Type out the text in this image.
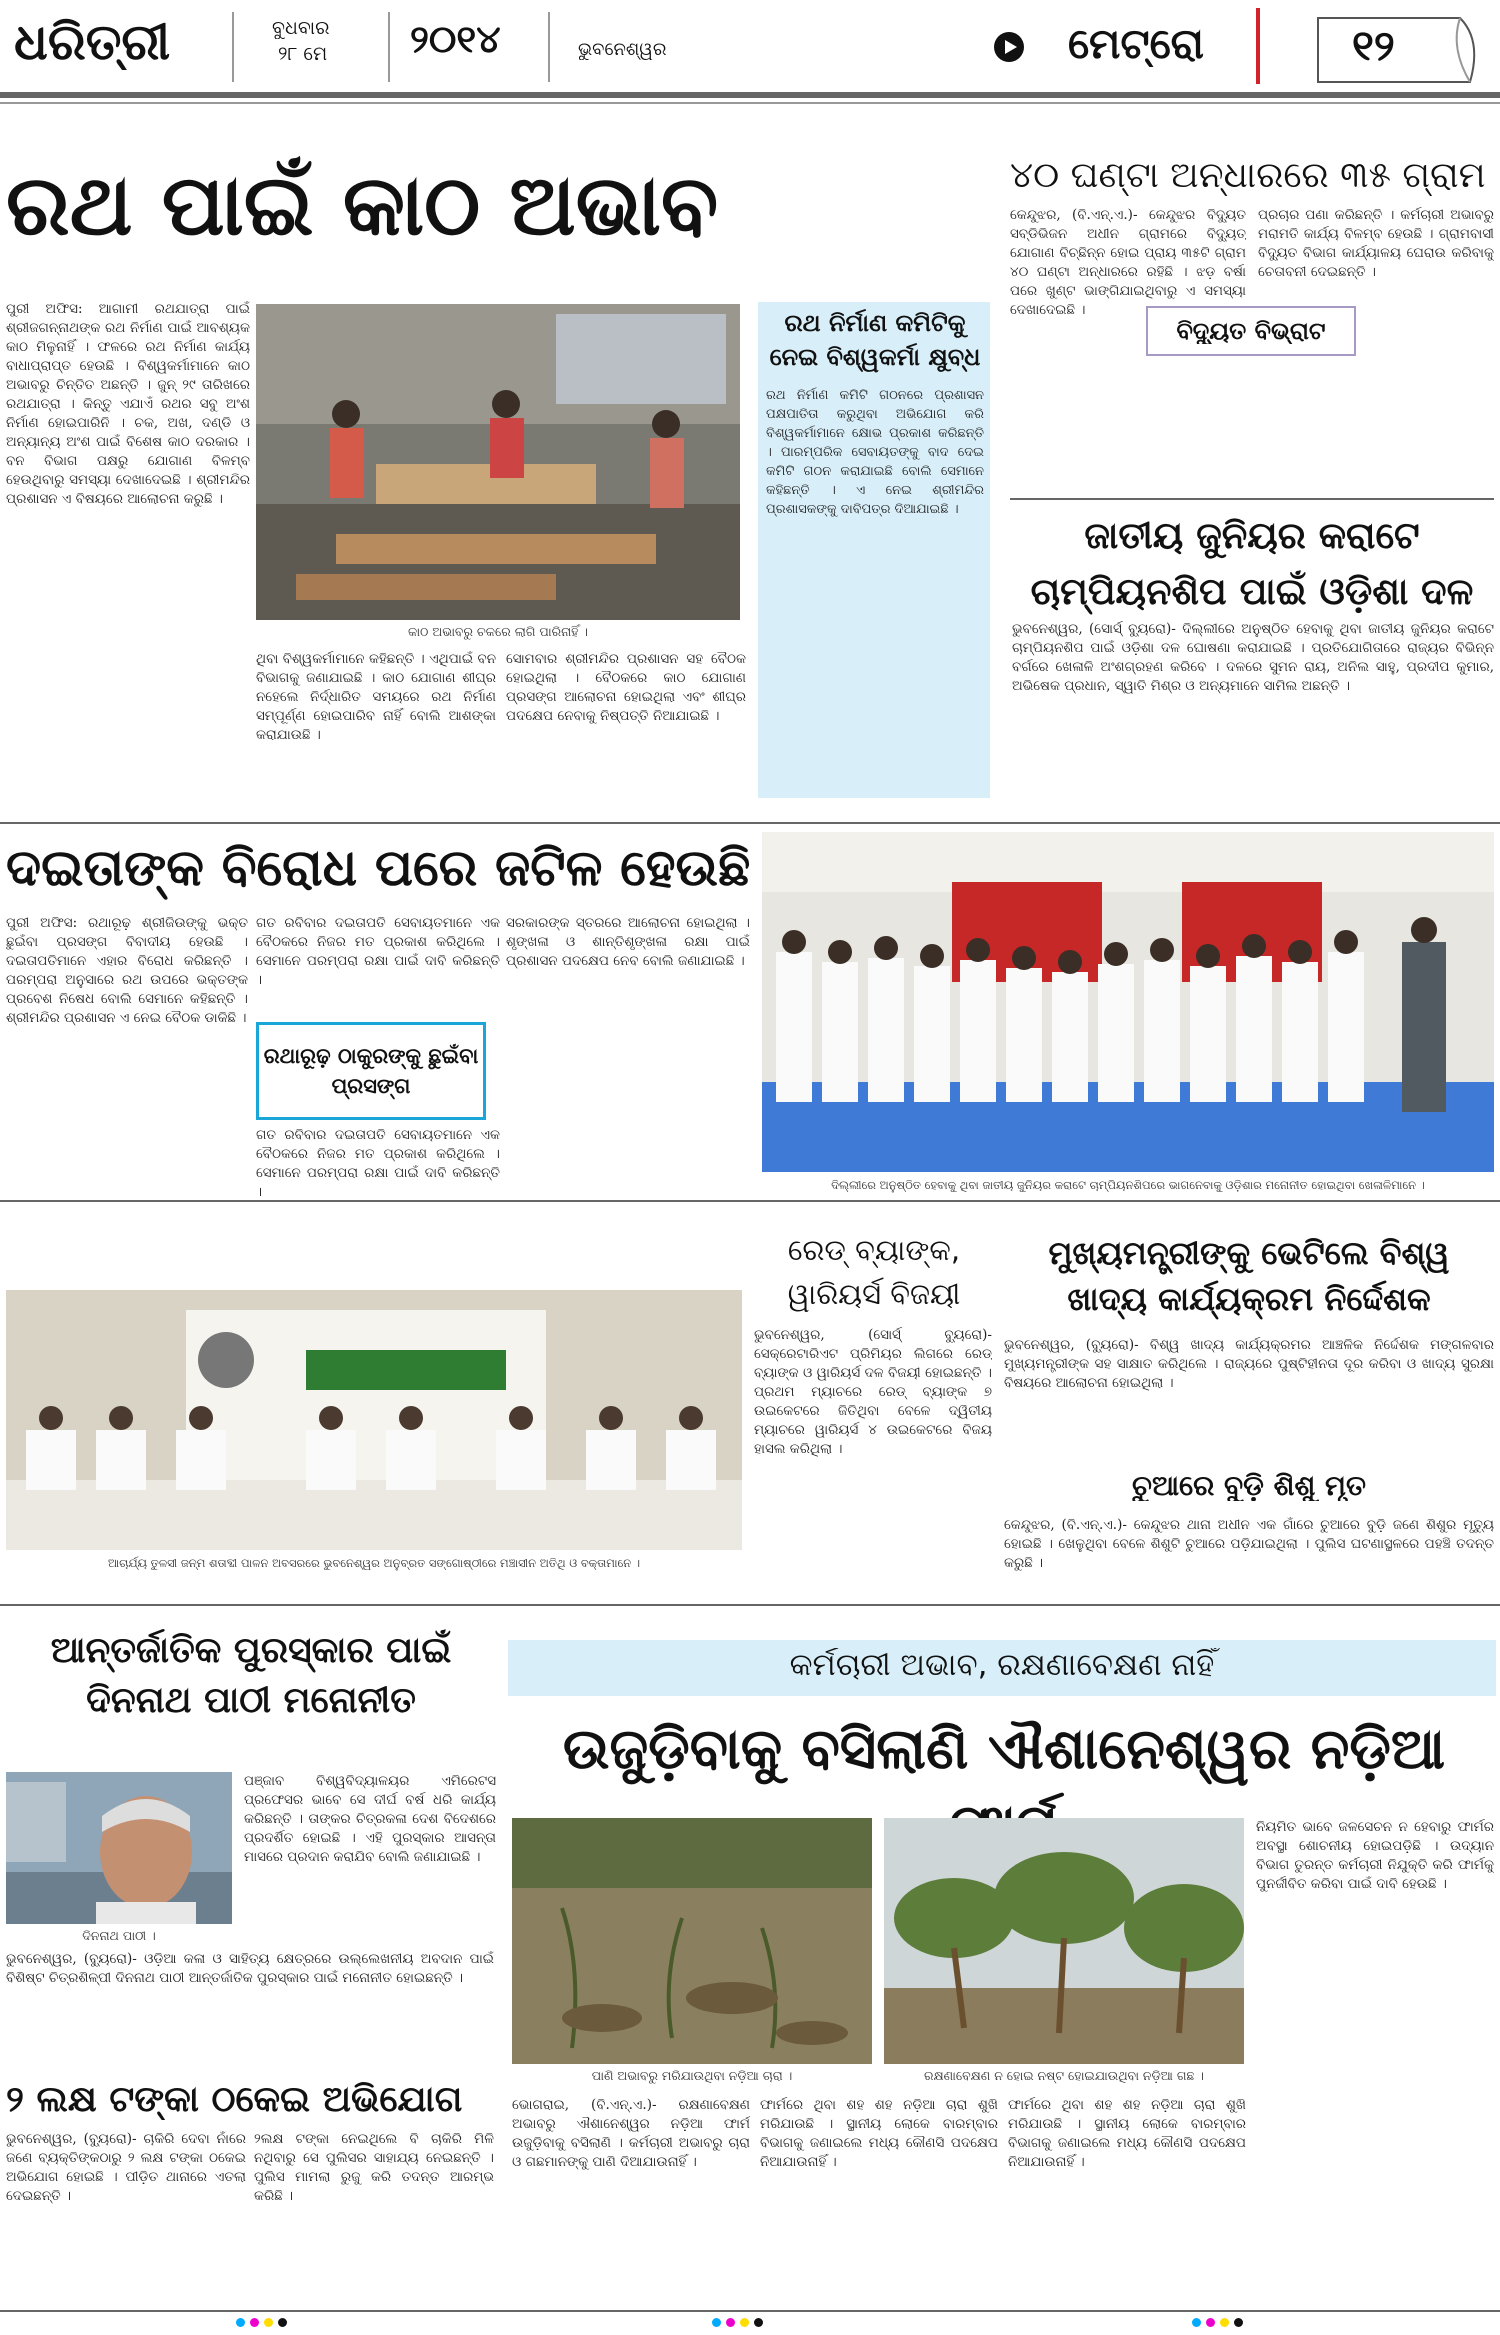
ଧରିତ୍ରୀ	ବୁଧବାର
୨୮ ମେ ୨୦୧୪	ଭୁବନେଶ୍ୱର	ମେଟ୍ରୋ	୧୨
ରଥ ପାଇଁ କାଠ ଅଭାବ
ପୁରୀ ଅଫିସ: ଆଗାମୀ ରଥଯାତ୍ରା ପାଇଁ ଶ୍ରୀଜଗନ୍ନାଥଙ୍କ ରଥ ନିର୍ମାଣ ପାଇଁ ଆବଶ୍ୟକ କାଠ ମିଳୁନାହିଁ । ଫଳରେ ରଥ ନିର୍ମାଣ କାର୍ଯ୍ୟ ବାଧାପ୍ରାପ୍ତ ହେଉଛି । ବିଶ୍ୱକର୍ମାମାନେ କାଠ ଅଭାବରୁ ଚିନ୍ତିତ ଅଛନ୍ତି । ଜୁନ୍ ୨୯ ତାରିଖରେ ରଥଯାତ୍ରା । କିନ୍ତୁ ଏଯାଏଁ ରଥର ସବୁ ଅଂଶ ନିର୍ମାଣ ହୋଇପାରିନି । ଚକ, ଅଖ, ଦଣ୍ଡି ଓ ଅନ୍ୟାନ୍ୟ ଅଂଶ ପାଇଁ ବିଶେଷ କାଠ ଦରକାର । ବନ ବିଭାଗ ପକ୍ଷରୁ ଯୋଗାଣ ବିଳମ୍ବ ହେଉଥିବାରୁ ସମସ୍ୟା ଦେଖାଦେଇଛି । ଶ୍ରୀମନ୍ଦିର ପ୍ରଶାସନ ଏ ବିଷୟରେ ଆଲୋଚନା କରୁଛି ।
କାଠ ଅଭାବରୁ ଚକରେ ଲାଗି ପାରିନାହିଁ ।
ରଥ ନିର୍ମାଣ କମିଟିକୁ ନେଇ ବିଶ୍ୱକର୍ମା କ୍ଷୁବ୍ଧ
ରଥ ନିର୍ମାଣ କମିଟି ଗଠନରେ ପ୍ରଶାସନ ପକ୍ଷପାତିତା କରୁଥିବା ଅଭିଯୋଗ କରି ବିଶ୍ୱକର୍ମାମାନେ କ୍ଷୋଭ ପ୍ରକାଶ କରିଛନ୍ତି । ପାରମ୍ପରିକ ସେବାୟତଙ୍କୁ ବାଦ ଦେଇ କମିଟି ଗଠନ କରାଯାଇଛି ବୋଲି ସେମାନେ କହିଛନ୍ତି । ଏ ନେଇ ଶ୍ରୀମନ୍ଦିର ପ୍ରଶାସକଙ୍କୁ ଦାବିପତ୍ର ଦିଆଯାଇଛି ।
ଥିବା ବିଶ୍ୱକର୍ମାମାନେ କହିଛନ୍ତି । ଏଥିପାଇଁ ବନ ବିଭାଗକୁ ଜଣାଯାଇଛି । କାଠ ଯୋଗାଣ ଶୀଘ୍ର ନହେଲେ ନିର୍ଦ୍ଧାରିତ ସମୟରେ ରଥ ନିର୍ମାଣ ସମ୍ପୂର୍ଣ୍ଣ ହୋଇପାରିବ ନାହିଁ ବୋଲି ଆଶଙ୍କା କରାଯାଉଛି ।
ସୋମବାର ଶ୍ରୀମନ୍ଦିର ପ୍ରଶାସନ ସହ ବୈଠକ ହୋଇଥିଲା । ବୈଠକରେ କାଠ ଯୋଗାଣ ପ୍ରସଙ୍ଗ ଆଲୋଚନା ହୋଇଥିଲା ଏବଂ ଶୀଘ୍ର ପଦକ୍ଷେପ ନେବାକୁ ନିଷ୍ପତ୍ତି ନିଆଯାଇଛି ।
୪୦ ଘଣ୍ଟା ଅନ୍ଧାରରେ ୩୫ ଗ୍ରାମ
କେନ୍ଦୁଝର, (ବି.ଏନ୍.ଏ.)- କେନ୍ଦୁଝର ବିଦ୍ୟୁତ ସବ୍‌ଡିଭିଜନ ଅଧୀନ ଗ୍ରାମରେ ବିଦ୍ୟୁତ୍ ଯୋଗାଣ ବିଚ୍ଛିନ୍ନ ହୋଇ ପ୍ରାୟ ୩୫ଟି ଗ୍ରାମ ୪୦ ଘଣ୍ଟା ଅନ୍ଧାରରେ ରହିଛି । ଝଡ଼ ବର୍ଷା ପରେ ଖୁଣ୍ଟ ଭାଙ୍ଗିଯାଇଥିବାରୁ ଏ ସମସ୍ୟା ଦେଖାଦେଇଛି ।
ପ୍ରଚାର ପଣା କରିଛନ୍ତି । କର୍ମଚାରୀ ଅଭାବରୁ ମରାମତି କାର୍ଯ୍ୟ ବିଳମ୍ବ ହେଉଛି । ଗ୍ରାମବାସୀ ବିଦ୍ୟୁତ ବିଭାଗ କାର୍ଯ୍ୟାଳୟ ଘେରାଉ କରିବାକୁ ଚେତାବନୀ ଦେଇଛନ୍ତି ।
ବିଦ୍ୟୁତ ବିଭ୍ରାଟ
ଜାତୀୟ ଜୁନିୟର କରାଟେ ଚାମ୍ପିୟନଶିପ ପାଇଁ ଓଡ଼ିଶା ଦଳ
ଭୁବନେଶ୍ୱର, (ସୋର୍ସ୍ ବ୍ୟୁରୋ)- ଦିଲ୍ଲୀରେ ଅନୁଷ୍ଠିତ ହେବାକୁ ଥିବା ଜାତୀୟ ଜୁନିୟର କରାଟେ ଚାମ୍ପିୟନଶିପ ପାଇଁ ଓଡ଼ିଶା ଦଳ ଘୋଷଣା କରାଯାଇଛି । ପ୍ରତିଯୋଗିତାରେ ରାଜ୍ୟର ବିଭିନ୍ନ ବର୍ଗରେ ଖେଳାଳି ଅଂଶଗ୍ରହଣ କରିବେ । ଦଳରେ ସୁମନ ରାୟ, ଅନିଲ ସାହୁ, ପ୍ରଦୀପ କୁମାର, ଅଭିଷେକ ପ୍ରଧାନ, ସ୍ୱାତି ମିଶ୍ର ଓ ଅନ୍ୟମାନେ ସାମିଲ ଅଛନ୍ତି ।
ଦଇତାଙ୍କ ବିରୋଧ ପରେ ଜଟିଳ ହେଉଛି
ପୁରୀ ଅଫିସ: ରଥାରୂଢ଼ ଶ୍ରୀଜିଉଙ୍କୁ ଭକ୍ତ ଛୁଇଁବା ପ୍ରସଙ୍ଗ ବିବାଦୀୟ ହେଉଛି । ଦଇତାପତିମାନେ ଏହାର ବିରୋଧ କରିଛନ୍ତି । ପରମ୍ପରା ଅନୁସାରେ ରଥ ଉପରେ ଭକ୍ତଙ୍କ ପ୍ରବେଶ ନିଷେଧ ବୋଲି ସେମାନେ କହିଛନ୍ତି । ଶ୍ରୀମନ୍ଦିର ପ୍ରଶାସନ ଏ ନେଇ ବୈଠକ ଡାକିଛି ।
ରଥାରୂଢ଼ ଠାକୁରଙ୍କୁ ଛୁଇଁବା ପ୍ରସଙ୍ଗ
ଗତ ରବିବାର ଦଇତାପତି ସେବାୟତମାନେ ଏକ ବୈଠକରେ ନିଜର ମତ ପ୍ରକାଶ କରିଥିଲେ । ସେମାନେ ପରମ୍ପରା ରକ୍ଷା ପାଇଁ ଦାବି କରିଛନ୍ତି ।
ଗତ ରବିବାର ଦଇତାପତି ସେବାୟତମାନେ ଏକ ବୈଠକରେ ନିଜର ମତ ପ୍ରକାଶ କରିଥିଲେ । ସେମାନେ ପରମ୍ପରା ରକ୍ଷା ପାଇଁ ଦାବି କରିଛନ୍ତି ।
ସରକାରଙ୍କ ସ୍ତରରେ ଆଲୋଚନା ହୋଇଥିଲା । ଶୃଙ୍ଖଳା ଓ ଶାନ୍ତିଶୃଙ୍ଖଳା ରକ୍ଷା ପାଇଁ ପ୍ରଶାସନ ପଦକ୍ଷେପ ନେବ ବୋଲି ଜଣାଯାଇଛି ।
ଦିଲ୍ଲୀରେ ଅନୁଷ୍ଠିତ ହେବାକୁ ଥିବା ଜାତୀୟ ଜୁନିୟର କରାଟେ ଚାମ୍ପିୟନଶିପରେ ଭାଗନେବାକୁ ଓଡ଼ିଶାର ମନୋନୀତ ହୋଇଥିବା ଖେଳାଳିମାନେ ।
ଆଚାର୍ଯ୍ୟ ତୁଳସୀ ଜନ୍ମ ଶତାବ୍ଦୀ ପାଳନ ଅବସରରେ ଭୁବନେଶ୍ୱର ଅନୁବ୍ରତ ସଙ୍ଗୋଷ୍ଠୀରେ ମଞ୍ଚାସୀନ ଅତିଥି ଓ ବକ୍ତାମାନେ ।
ରେଡ୍ ବ୍ୟାଙ୍କ, ୱାରିୟର୍ସ ବିଜୟୀ
ଭୁବନେଶ୍ୱର, (ସୋର୍ସ୍ ବ୍ୟୁରୋ)- ସେକ୍ରେଟାରିଏଟ ପ୍ରିମିୟର ଲିଗରେ ରେଡ୍ ବ୍ୟାଙ୍କ ଓ ୱାରିୟର୍ସ ଦଳ ବିଜୟୀ ହୋଇଛନ୍ତି । ପ୍ରଥମ ମ୍ୟାଚରେ ରେଡ୍ ବ୍ୟାଙ୍କ ୭ ଉଇକେଟରେ ଜିତିଥିବା ବେଳେ ଦ୍ୱିତୀୟ ମ୍ୟାଚରେ ୱାରିୟର୍ସ ୪ ଉଇକେଟରେ ବିଜୟ ହାସଲ କରିଥିଲା ।
ମୁଖ୍ୟମନ୍ତ୍ରୀଙ୍କୁ ଭେଟିଲେ ବିଶ୍ୱ ଖାଦ୍ୟ କାର୍ଯ୍ୟକ୍ରମ ନିର୍ଦ୍ଦେଶକ
ଭୁବନେଶ୍ୱର, (ବ୍ୟୁରୋ)- ବିଶ୍ୱ ଖାଦ୍ୟ କାର୍ଯ୍ୟକ୍ରମର ଆଞ୍ଚଳିକ ନିର୍ଦ୍ଦେଶକ ମଙ୍ଗଳବାର ମୁଖ୍ୟମନ୍ତ୍ରୀଙ୍କ ସହ ସାକ୍ଷାତ କରିଥିଲେ । ରାଜ୍ୟରେ ପୁଷ୍ଟିହୀନତା ଦୂର କରିବା ଓ ଖାଦ୍ୟ ସୁରକ୍ଷା ବିଷୟରେ ଆଲୋଚନା ହୋଇଥିଲା ।
ଚୁଆରେ ବୁଡ଼ି ଶିଶୁ ମୃତ
କେନ୍ଦୁଝର, (ବି.ଏନ୍.ଏ.)- କେନ୍ଦୁଝର ଥାନା ଅଧୀନ ଏକ ଗାଁରେ ଚୁଆରେ ବୁଡ଼ି ଜଣେ ଶିଶୁର ମୃତ୍ୟୁ ହୋଇଛି । ଖେଳୁଥିବା ବେଳେ ଶିଶୁଟି ଚୁଆରେ ପଡ଼ିଯାଇଥିଲା । ପୁଲିସ ଘଟଣାସ୍ଥଳରେ ପହଞ୍ଚି ତଦନ୍ତ କରୁଛି ।
ଆନ୍ତର୍ଜାତିକ ପୁରସ୍କାର ପାଇଁ ଦିନନାଥ ପାଠୀ ମନୋନୀତ
ଦିନନାଥ ପାଠୀ ।
ଭୁବନେଶ୍ୱର, (ବ୍ୟୁରୋ)- ଓଡ଼ିଆ କଳା ଓ ସାହିତ୍ୟ କ୍ଷେତ୍ରରେ ଉଲ୍ଲେଖନୀୟ ଅବଦାନ ପାଇଁ ବିଶିଷ୍ଟ ଚିତ୍ରଶିଳ୍ପୀ ଦିନନାଥ ପାଠୀ ଆନ୍ତର୍ଜାତିକ ପୁରସ୍କାର ପାଇଁ ମନୋନୀତ ହୋଇଛନ୍ତି ।
ପଞ୍ଜାବ ବିଶ୍ୱବିଦ୍ୟାଳୟର ଏମିରେଟସ ପ୍ରଫେସର ଭାବେ ସେ ଦୀର୍ଘ ବର୍ଷ ଧରି କାର୍ଯ୍ୟ କରିଛନ୍ତି । ତାଙ୍କର ଚିତ୍ରକଳା ଦେଶ ବିଦେଶରେ ପ୍ରଦର୍ଶିତ ହୋଇଛି । ଏହି ପୁରସ୍କାର ଆସନ୍ତା ମାସରେ ପ୍ରଦାନ କରାଯିବ ବୋଲି ଜଣାଯାଇଛି ।
୨ ଲକ୍ଷ ଟଙ୍କା ଠକେଇ ଅଭିଯୋଗ
ଭୁବନେଶ୍ୱର, (ବ୍ୟୁରୋ)- ଚାକିରି ଦେବା ନାଁରେ ଜଣେ ବ୍ୟକ୍ତିଙ୍କଠାରୁ ୨ ଲକ୍ଷ ଟଙ୍କା ଠକେଇ ଅଭିଯୋଗ ହୋଇଛି । ପୀଡ଼ିତ ଥାନାରେ ଏତଲା ଦେଇଛନ୍ତି ।
୨ଲକ୍ଷ ଟଙ୍କା ନେଇଥିଲେ ବି ଚାକିରି ମିଳି ନଥିବାରୁ ସେ ପୁଲିସର ସାହାଯ୍ୟ ନେଇଛନ୍ତି । ପୁଲିସ ମାମଲା ରୁଜୁ କରି ତଦନ୍ତ ଆରମ୍ଭ କରିଛି ।
କର୍ମଚାରୀ ଅଭାବ, ରକ୍ଷଣାବେକ୍ଷଣ ନାହିଁ
ଉଜୁଡ଼ିବାକୁ ବସିଲାଣି ଐଶାନେଶ୍ୱର ନଡ଼ିଆ
ପାଣି ଅଭାବରୁ ମରିଯାଉଥିବା ନଡ଼ିଆ ଚାରା ।	ରକ୍ଷଣାବେକ୍ଷଣ ନ ହୋଇ ନଷ୍ଟ ହୋଇଯାଉଥିବା ନଡ଼ିଆ ଗଛ ।
ଭୋଗରାଇ, (ବି.ଏନ୍.ଏ.)- ରକ୍ଷଣାବେକ୍ଷଣ ଅଭାବରୁ ଐଶାନେଶ୍ୱର ନଡ଼ିଆ ଫାର୍ମ ଉଜୁଡ଼ିବାକୁ ବସିଲାଣି । କର୍ମଚାରୀ ଅଭାବରୁ ଚାରା ଓ ଗଛମାନଙ୍କୁ ପାଣି ଦିଆଯାଉନାହିଁ ।
ଫାର୍ମରେ ଥିବା ଶହ ଶହ ନଡ଼ିଆ ଚାରା ଶୁଖି ମରିଯାଉଛି । ସ୍ଥାନୀୟ ଲୋକେ ବାରମ୍ବାର ବିଭାଗକୁ ଜଣାଇଲେ ମଧ୍ୟ କୌଣସି ପଦକ୍ଷେପ ନିଆଯାଉନାହିଁ ।
ଫାର୍ମରେ ଥିବା ଶହ ଶହ ନଡ଼ିଆ ଚାରା ଶୁଖି ମରିଯାଉଛି । ସ୍ଥାନୀୟ ଲୋକେ ବାରମ୍ବାର ବିଭାଗକୁ ଜଣାଇଲେ ମଧ୍ୟ କୌଣସି ପଦକ୍ଷେପ ନିଆଯାଉନାହିଁ ।
ନିୟମିତ ଭାବେ ଜଳସେଚନ ନ ହେବାରୁ ଫାର୍ମର ଅବସ୍ଥା ଶୋଚନୀୟ ହୋଇପଡ଼ିଛି । ଉଦ୍ୟାନ ବିଭାଗ ତୁରନ୍ତ କର୍ମଚାରୀ ନିଯୁକ୍ତି କରି ଫାର୍ମକୁ ପୁନର୍ଜୀବିତ କରିବା ପାଇଁ ଦାବି ହେଉଛି ।
